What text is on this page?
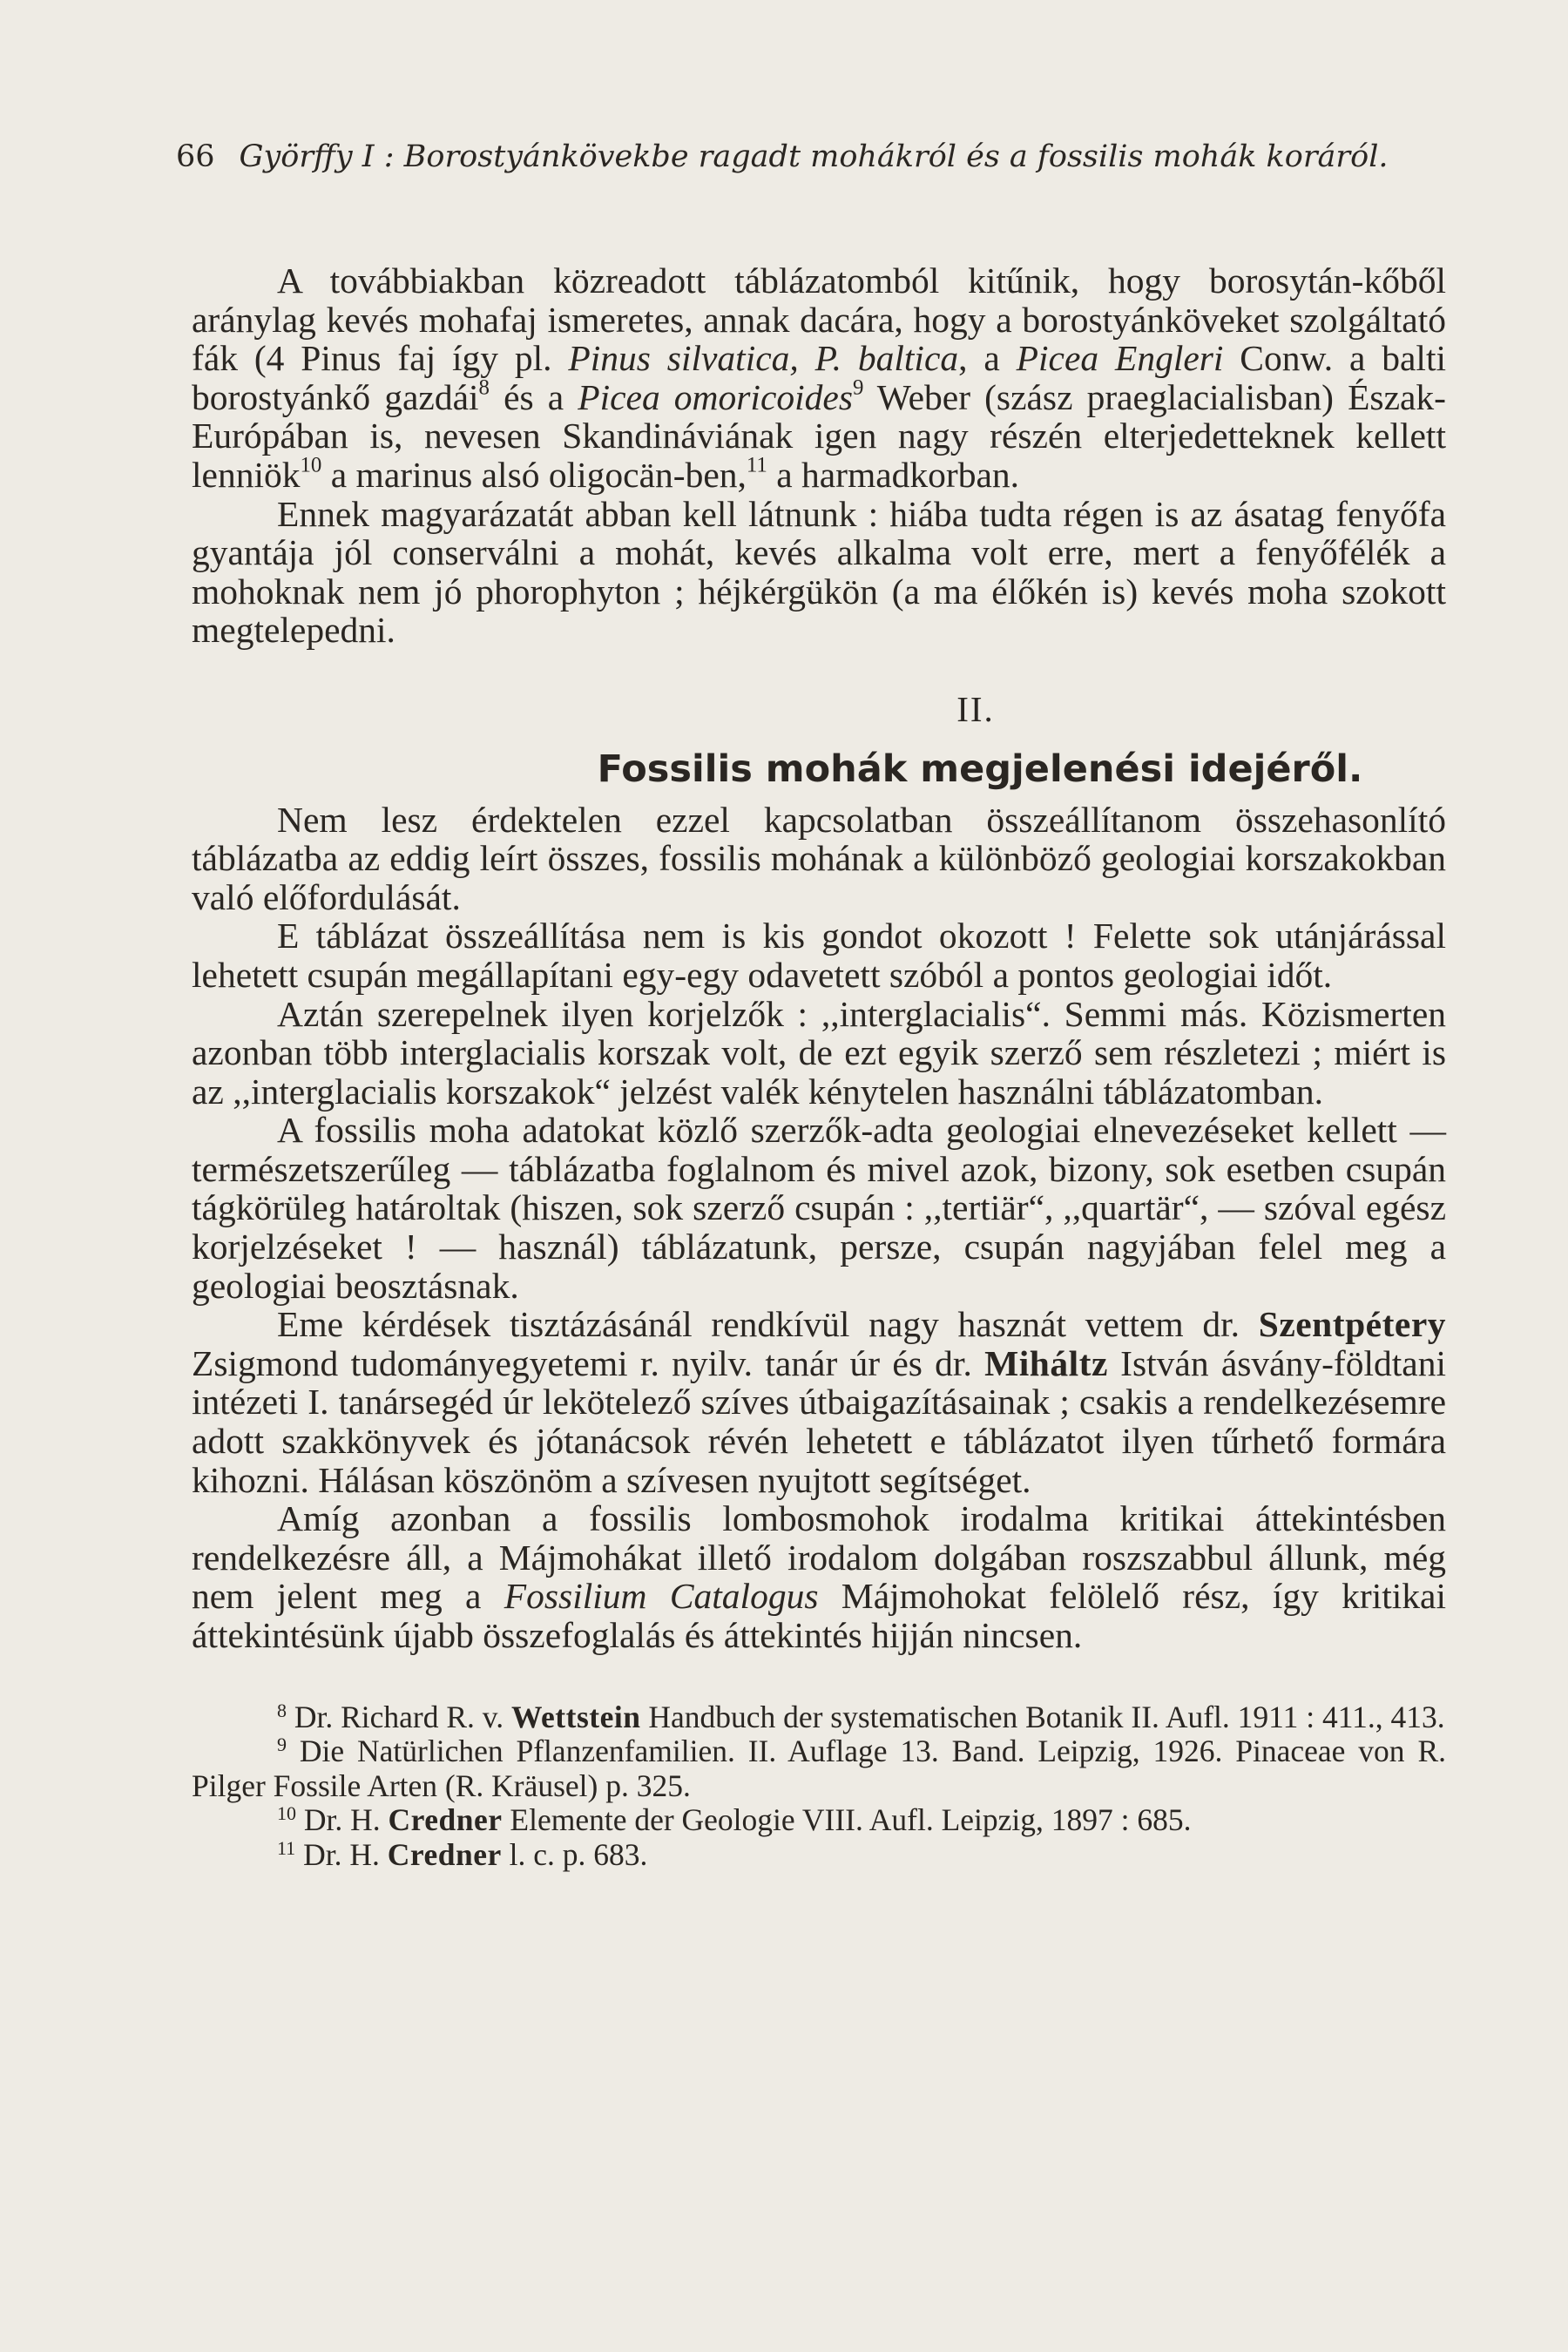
66 Györffy I : Borostyánkövekbe ragadt mohákról és a fossilis mohák koráról.

A továbbiakban közreadott táblázatomból kitűnik, hogy borosytán-kőből aránylag kevés mohafaj ismeretes, annak dacára, hogy a borostyánköveket szolgáltató fák (4 Pinus faj így pl. Pinus silvatica, P. baltica, a Picea Engleri Conw. a balti borostyánkő gazdái$^8$ és a Picea omoricoides$^9$ Weber (szász praeglacialisban) Észak-Európában is, nevesen Skandináviának igen nagy részén elterjedetteknek kellett lenniök$^{10}$ a marinus alsó oligocän-ben,$^{11}$ a harmadkorban.

Ennek magyarázatát abban kell látnunk : hiába tudta régen is az ásatag fenyőfa gyantája jól conserválni a mohát, kevés alkalma volt erre, mert a fenyőfélék a mohoknak nem jó phorophyton ; héjkérgükön (a ma élőkén is) kevés moha szokott megtelepedni.

II.
Fossilis mohák megjelenési idejéről.

Nem lesz érdektelen ezzel kapcsolatban összeállítanom összehasonlító táblázatba az eddig leírt összes, fossilis mohának a különböző geologiai korszakokban való előfordulását.

E táblázat összeállítása nem is kis gondot okozott ! Felette sok utánjárással lehetett csupán megállapítani egy-egy odavetett szóból a pontos geologiai időt.

Aztán szerepelnek ilyen korjelzők : ,,interglacialis“. Semmi más. Közismerten azonban több interglacialis korszak volt, de ezt egyik szerző sem részletezi ; miért is az ,,interglacialis korszakok“ jelzést valék kénytelen használni táblázatomban.

A fossilis moha adatokat közlő szerzők-adta geologiai elnevezéseket kellett — természetszerűleg — táblázatba foglalnom és mivel azok, bizony, sok esetben csupán tágkörüleg határoltak (hiszen, sok szerző csupán : ,,tertiär“, ,,quartär“, — szóval egész korjelzéseket ! — használ) táblázatunk, persze, csupán nagyjában felel meg a geologiai beosztásnak.

Eme kérdések tisztázásánál rendkívül nagy hasznát vettem dr. Szentpétery Zsigmond tudományegyetemi r. nyilv. tanár úr és dr. Miháltz István ásvány-földtani intézeti I. tanársegéd úr lekötelező szíves útbaigazításainak ; csakis a rendelkezésemre adott szakkönyvek és jótanácsok révén lehetett e táblázatot ilyen tűrhető formára kihozni. Hálásan köszönöm a szívesen nyujtott segítséget.

Amíg azonban a fossilis lombosmohok irodalma kritikai áttekintésben rendelkezésre áll, a Májmohákat illető irodalom dolgában roszszabbul állunk, még nem jelent meg a Fossilium Catalogus Májmohokat felölelő rész, így kritikai áttekintésünk újabb összefoglalás és áttekintés hijján nincsen.

$^8$ Dr. Richard R. v. Wettstein Handbuch der systematischen Botanik II. Aufl. 1911 : 411., 413.

$^9$ Die Natürlichen Pflanzenfamilien. II. Auflage 13. Band. Leipzig, 1926. Pinaceae von R. Pilger Fossile Arten (R. Kräusel) p. 325.

$^{10}$ Dr. H. Credner Elemente der Geologie VIII. Aufl. Leipzig, 1897 : 685.

$^{11}$ Dr. H. Credner l. c. p. 683.
